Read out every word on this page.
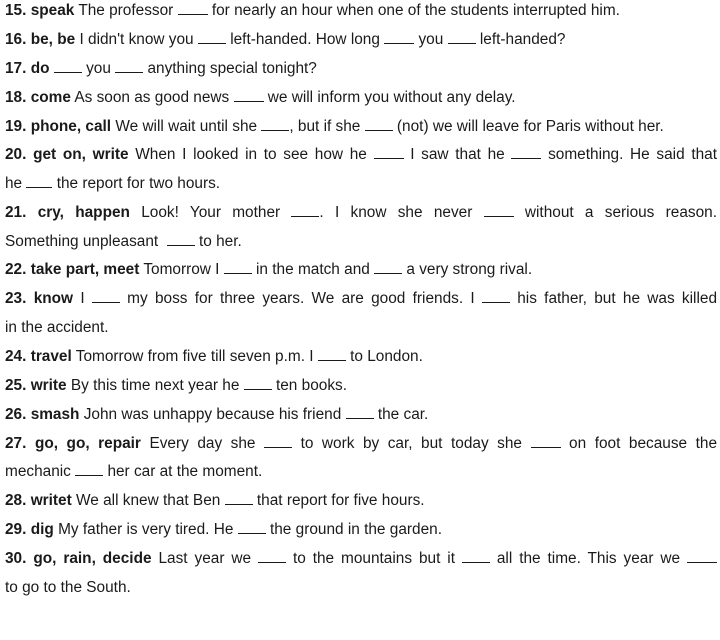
15. speak The professor	for nearly an hour when one of the students interrupted him.
16. be, be I didn't know you left-handed. How long	you left-handed?
17. do you anything special tonight?
18. come As soon as good news	we will inform you without any delay.
19. phone, call We will wait until she , but if she (not) we will leave for Paris without her.
20. get on, write When I looked in to see how he	I saw that he	something. He said that
he the report for two hours.
21. cry, happen Look! Your mother	. I know she never	without a serious reason.
Something unpleasant	to her.
22. take part, meet Tomorrow I in the match and a very strong rival.
23. know I	my boss for three years. We are good friends. I	his father, but he was killed
in the accident.
24. travel Tomorrow from five till seven p.m. I to London.
25. write By this time next year he ten books.
26. smash John was unhappy because his friend the car.
27. go, go, repair Every day she	to work by car, but today she	on foot because the
mechanic her car at the moment.
28. writet We all knew that Ben that report for five hours.
29. dig My father is very tired. He the ground in the garden.
30. go, rain, decide Last year we	to the mountains but it	all the time. This year we
to go to the South.
